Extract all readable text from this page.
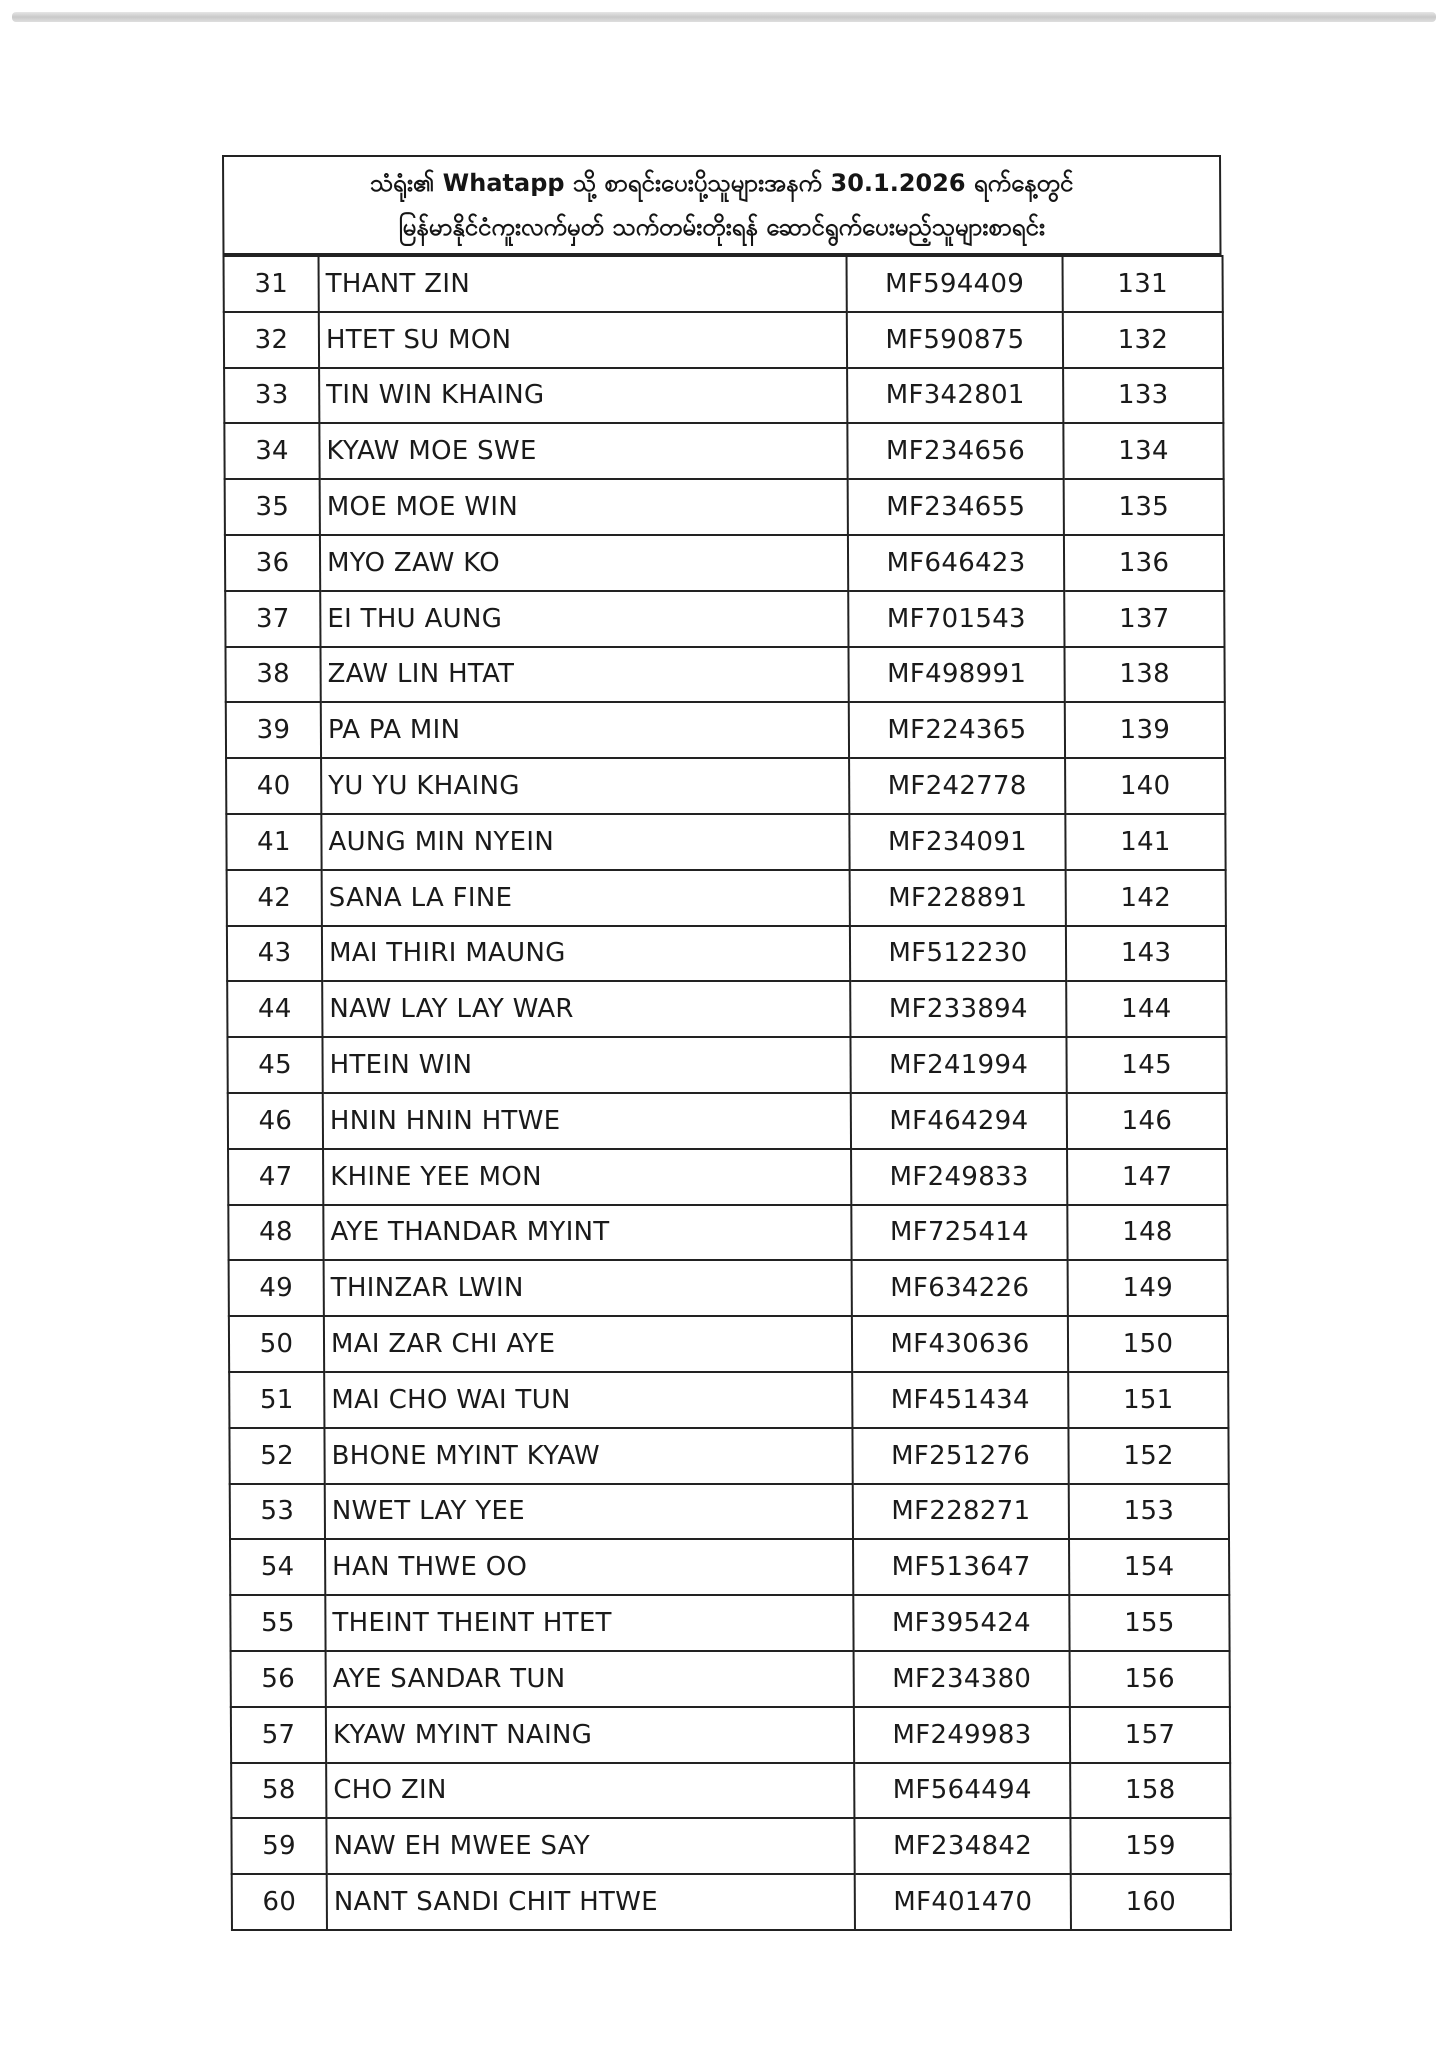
သံရုံး၏ Whatapp သို့ စာရင်းပေးပို့သူများအနက် 30.1.2026 ရက်နေ့တွင်
မြန်မာနိုင်ငံကူးလက်မှတ် သက်တမ်းတိုးရန် ဆောင်ရွက်ပေးမည့်သူများစာရင်း
31	THANT ZIN	MF594409	131
32	HTET SU MON	MF590875	132
33	TIN WIN KHAING	MF342801	133
34	KYAW MOE SWE	MF234656	134
35	MOE MOE WIN	MF234655	135
36	MYO ZAW KO	MF646423	136
37	EI THU AUNG	MF701543	137
38	ZAW LIN HTAT	MF498991	138
39	PA PA MIN	MF224365	139
40	YU YU KHAING	MF242778	140
41	AUNG MIN NYEIN	MF234091	141
42	SANA LA FINE	MF228891	142
43	MAI THIRI MAUNG	MF512230	143
44	NAW LAY LAY WAR	MF233894	144
45	HTEIN WIN	MF241994	145
46	HNIN HNIN HTWE	MF464294	146
47	KHINE YEE MON	MF249833	147
48	AYE THANDAR MYINT	MF725414	148
49	THINZAR LWIN	MF634226	149
50	MAI ZAR CHI AYE	MF430636	150
51	MAI CHO WAI TUN	MF451434	151
52	BHONE MYINT KYAW	MF251276	152
53	NWET LAY YEE	MF228271	153
54	HAN THWE OO	MF513647	154
55	THEINT THEINT HTET	MF395424	155
56	AYE SANDAR TUN	MF234380	156
57	KYAW MYINT NAING	MF249983	157
58	CHO ZIN	MF564494	158
59	NAW EH MWEE SAY	MF234842	159
60	NANT SANDI CHIT HTWE	MF401470	160
